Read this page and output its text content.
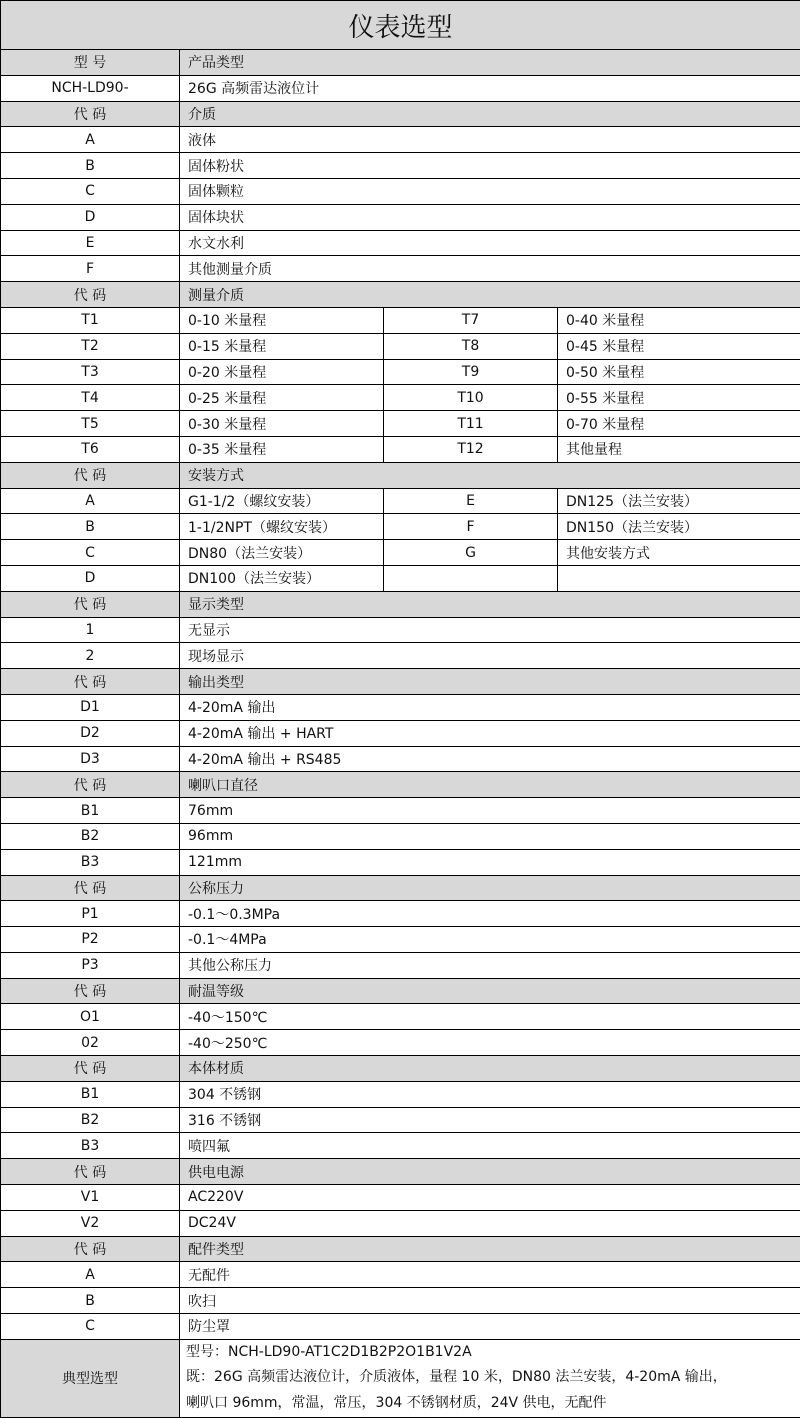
仪表选型			
型 号	产品类型		
NCH-LD90-	26G 高频雷达液位计		
代 码	介质		
A	液体		
B	固体粉状		
C	固体颗粒		
D	固体块状		
E	水文水利		
F	其他测量介质		
代 码	测量介质		
T1	0-10 米量程	T7	0-40 米量程
T2	0-15 米量程	T8	0-45 米量程
T3	0-20 米量程	T9	0-50 米量程
T4	0-25 米量程	T10	0-55 米量程
T5	0-30 米量程	T11	0-70 米量程
T6	0-35 米量程	T12	其他量程
代 码	安装方式		
A	G1-1/2（螺纹安装）	E	DN125（法兰安装）
B	1-1/2NPT（螺纹安装）	F	DN150（法兰安装）
C	DN80（法兰安装）	G	其他安装方式
D	DN100（法兰安装）		
代 码	显示类型		
1	无显示		
2	现场显示		
代 码	输出类型		
D1	4-20mA 输出		
D2	4-20mA 输出 + HART		
D3	4-20mA 输出 + RS485		
代 码	喇叭口直径		
B1	76mm		
B2	96mm		
B3	121mm		
代 码	公称压力		
P1	-0.1～0.3MPa		
P2	-0.1～4MPa		
P3	其他公称压力		
代 码	耐温等级		
O1	-40～150℃		
02	-40～250℃		
代 码	本体材质		
B1	304 不锈钢		
B2	316 不锈钢		
B3	喷四氟		
代 码	供电电源		
V1	AC220V		
V2	DC24V		
代 码	配件类型		
A	无配件		
B	吹扫		
C	防尘罩		
典型选型	型号：NCH-LD90-AT1C2D1B2P2O1B1V2A
既：26G 高频雷达液位计，介质液体，量程 10 米，DN80 法兰安装，4-20mA 输出，
喇叭口 96mm，常温，常压，304 不锈钢材质，24V 供电，无配件		
